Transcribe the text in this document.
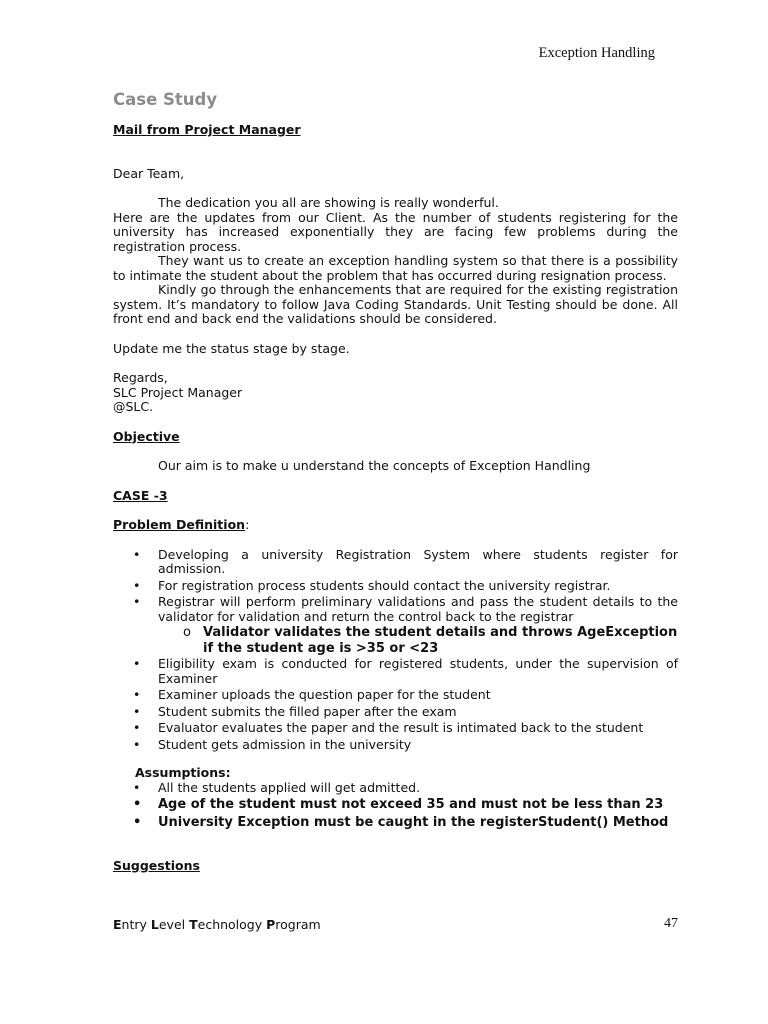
Exception Handling

Case Study

Mail from Project Manager

Dear Team,

The dedication you all are showing is really wonderful.

Here are the updates from our Client. As the number of students registering for the university has increased exponentially they are facing few problems during the registration process.

They want us to create an exception handling system so that there is a possibility to intimate the student about the problem that has occurred during resignation process.

Kindly go through the enhancements that are required for the existing registration system. It’s mandatory to follow Java Coding Standards. Unit Testing should be done. All front end and back end the validations should be considered.

Update me the status stage by stage.

Regards,

SLC Project Manager

@SLC.

Objective

Our aim is to make u understand the concepts of Exception Handling

CASE -3

Problem Definition:

• Developing a university Registration System where students register for admission.
• For registration process students should contact the university registrar.
• Registrar will perform preliminary validations and pass the student details to the validator for validation and return the control back to the registrar
o Validator validates the student details and throws AgeException if the student age is >35 or <23
• Eligibility exam is conducted for registered students, under the supervision of Examiner
• Examiner uploads the question paper for the student
• Student submits the filled paper after the exam
• Evaluator evaluates the paper and the result is intimated back to the student
• Student gets admission in the university

Assumptions:

• All the students applied will get admitted.
• Age of the student must not exceed 35 and must not be less than 23
• University Exception must be caught in the registerStudent() Method

Suggestions

Entry Level Technology Program	47
